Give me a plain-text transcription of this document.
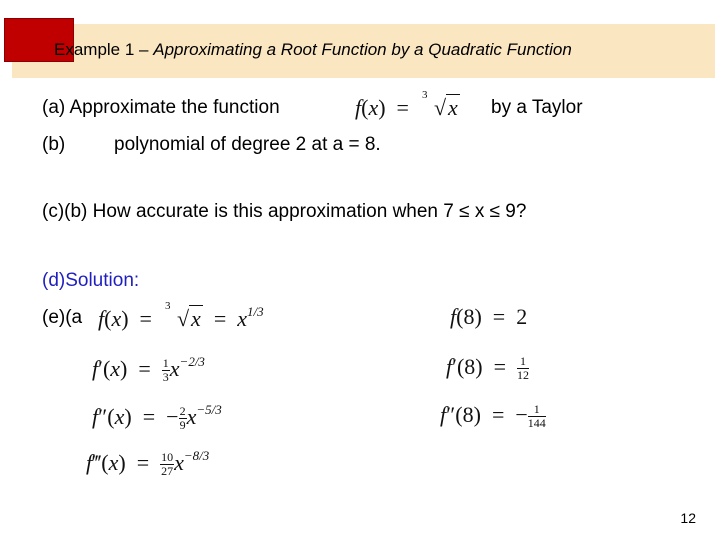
Example 1 – Approximating a Root Function by a Quadratic Function
(a) Approximate the function	f(x) = 3 √x by a Taylor
(b)	polynomial of degree 2 at a = 8.
(c)(b) How accurate is this approximation when 7 ≤ x ≤ 9?
(d)Solution:
(e)(a f(x) = 3 $√x = x^{1/3}$	f(8) = 2
$f'(x) = \frac{1}{3} x^{-2/3}$	$f'(8) = \frac{1}{12}$
f″(x) = − $\frac{2}{9} x^{-5/3}$	f″(8) = − $\frac{1}{144}$
f‴(x) = $\frac{10}{27} x^{-8/3}$
12
